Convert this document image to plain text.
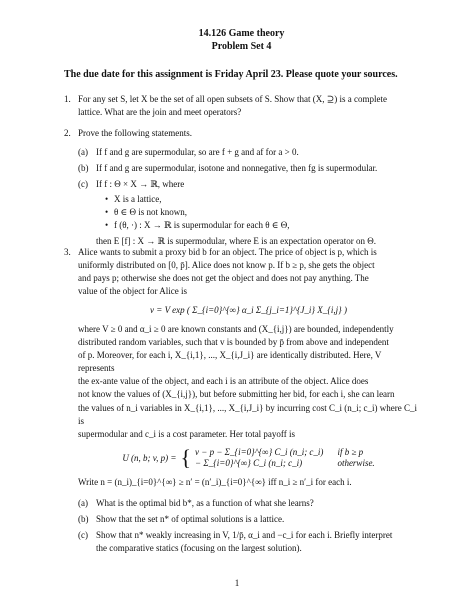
14.126 Game theory
Problem Set 4
The due date for this assignment is Friday April 23. Please quote your sources.
1. For any set S, let X be the set of all open subsets of S. Show that (X, ⊇) is a complete
lattice. What are the join and meet operators?
2. Prove the following statements.
(a) If f and g are supermodular, so are f + g and af for a > 0.
(b) If f and g are supermodular, isotone and nonnegative, then fg is supermodular.
(c) If f : Θ × X → ℝ, where
• X is a lattice,
• θ ∈ Θ is not known,
• f (θ, ·) : X → ℝ is supermodular for each θ ∈ Θ,
then E [f] : X → ℝ is supermodular, where E is an expectation operator on Θ.
3. Alice wants to submit a proxy bid b for an object. The price of object is p, which is
uniformly distributed on [0, p̄]. Alice does not know p. If b ≥ p, she gets the object
and pays p; otherwise she does not get the object and does not pay anything. The
value of the object for Alice is
v = V exp ( Σ_{i=0}^{∞} α_i Σ_{j_i=1}^{J_i} X_{i,j} )
where V ≥ 0 and α_i ≥ 0 are known constants and (X_{i,j}) are bounded, independently
distributed random variables, such that v is bounded by p̄ from above and independent
of p. Moreover, for each i, X_{i,1}, ..., X_{i,J_i} are identically distributed. Here, V represents
the ex-ante value of the object, and each i is an attribute of the object. Alice does
not know the values of (X_{i,j}), but before submitting her bid, for each i, she can learn
the values of n_i variables in X_{i,1}, ..., X_{i,J_i} by incurring cost C_i (n_i; c_i) where C_i is
supermodular and c_i is a cost parameter. Her total payoff is
U (n, b; v, p) = { v − p − Σ_{i=0}^{∞} C_i (n_i; c_i) if b ≥ p
− Σ_{i=0}^{∞} C_i (n_i; c_i)	otherwise.
Write n = (n_i)_{i=0}^{∞} ≥ n′ = (n′_i)_{i=0}^{∞} iff n_i ≥ n′_i for each i.
(a) What is the optimal bid b*, as a function of what she learns?
(b) Show that the set n* of optimal solutions is a lattice.
(c) Show that n* weakly increasing in V, 1/p̄, α_i and −c_i for each i. Briefly interpret
the comparative statics (focusing on the largest solution).
1
